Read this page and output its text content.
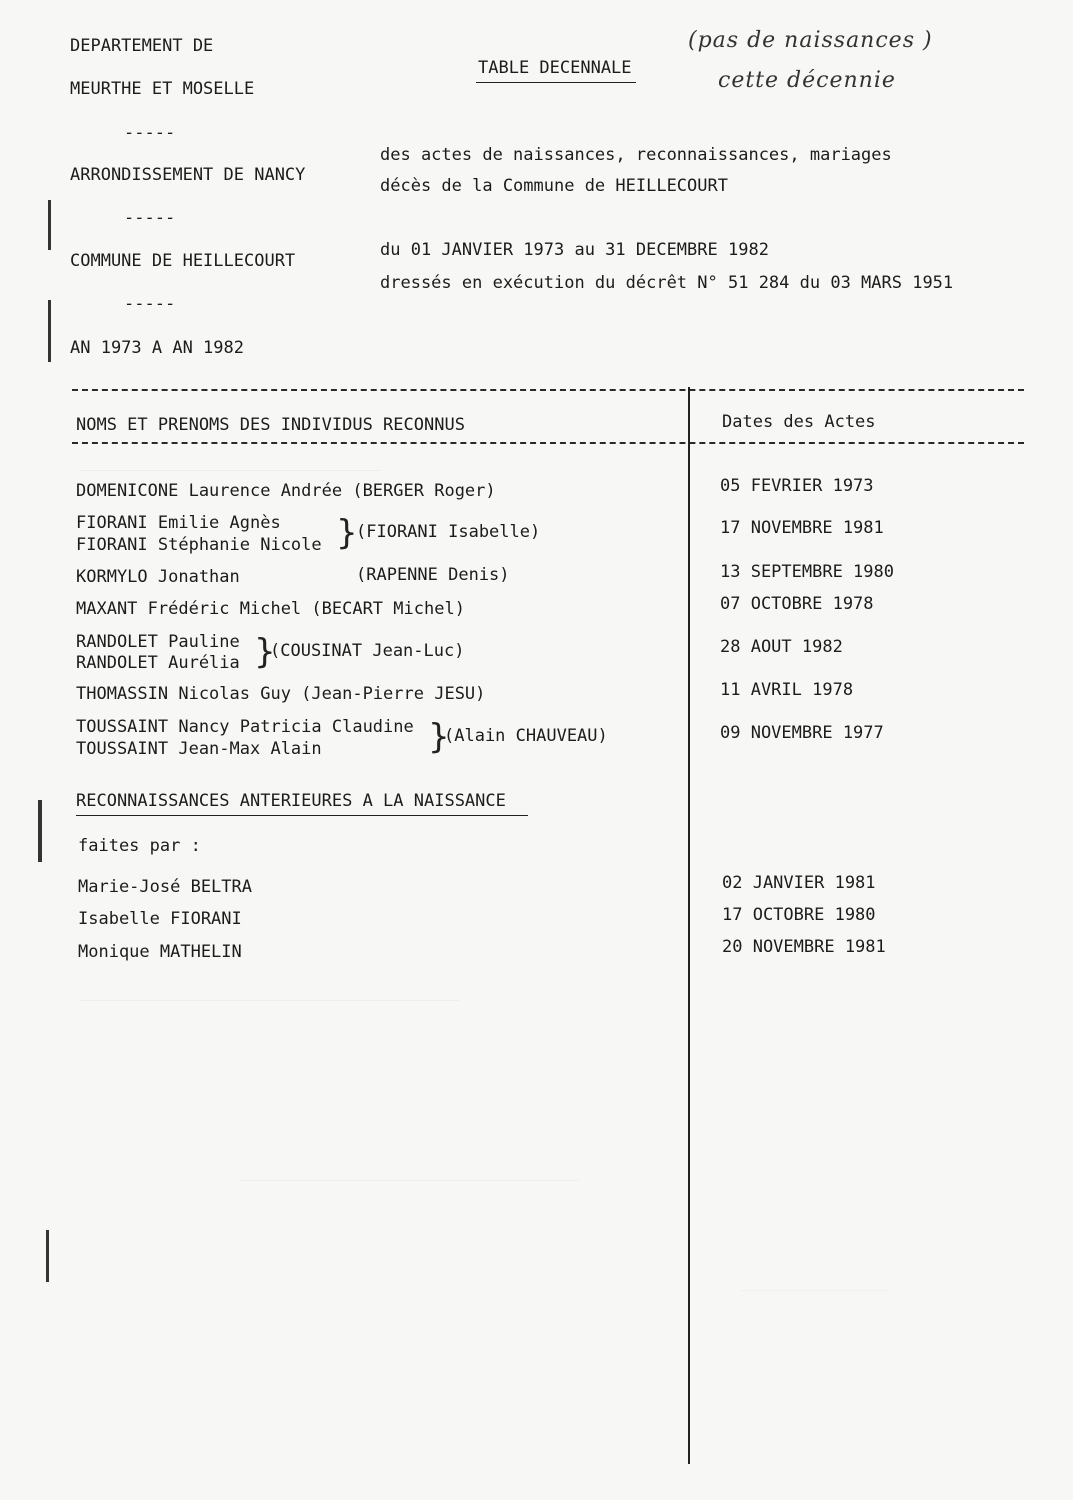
DEPARTEMENT DE
MEURTHE ET MOSELLE
-----
ARRONDISSEMENT DE NANCY
-----
COMMUNE DE HEILLECOURT
-----
AN 1973 A AN 1982
TABLE DECENNALE
(pas de naissances )
cette décennie
des actes de naissances, reconnaissances, mariages
décès de la Commune de HEILLECOURT
du 01 JANVIER 1973 au 31 DECEMBRE 1982
dressés en exécution du décrêt N° 51 284 du 03 MARS 1951
NOMS ET PRENOMS DES INDIVIDUS RECONNUS	Dates des Actes
DOMENICONE Laurence Andrée (BERGER Roger)	05 FEVRIER 1973
FIORANI Emilie Agnès
FIORANI Stéphanie Nicole }
(FIORANI Isabelle)	17 NOVEMBRE 1981
KORMYLO Jonathan	(RAPENNE Denis)	13 SEPTEMBRE 1980
MAXANT Frédéric Michel (BECART Michel)	07 OCTOBRE 1978
RANDOLET Pauline
RANDOLET Aurélia }
(COUSINAT Jean-Luc)	28 AOUT 1982
THOMASSIN Nicolas Guy (Jean-Pierre JESU)	11 AVRIL 1978
TOUSSAINT Nancy Patricia Claudine
TOUSSAINT Jean-Max Alain	}
(Alain CHAUVEAU)	09 NOVEMBRE 1977
RECONNAISSANCES ANTERIEURES A LA NAISSANCE
faites par :
Marie-José BELTRA	02 JANVIER 1981
Isabelle FIORANI	17 OCTOBRE 1980
Monique MATHELIN	20 NOVEMBRE 1981
